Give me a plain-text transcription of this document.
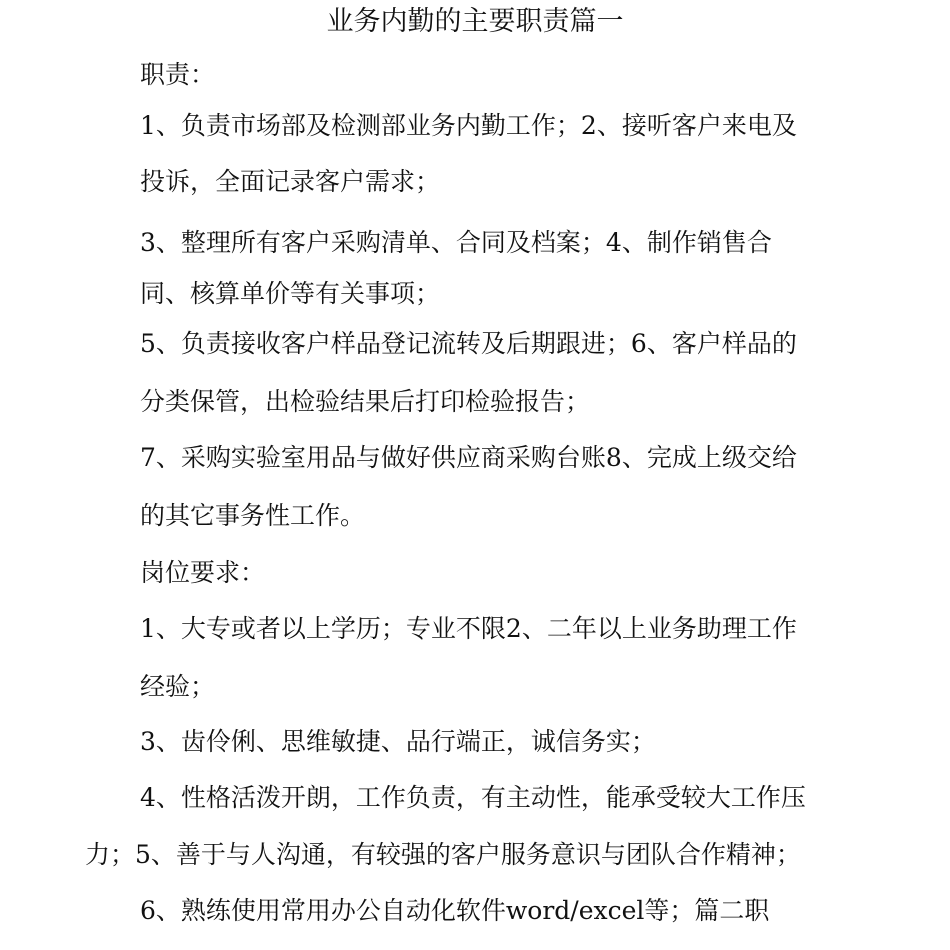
业务内勤的主要职责篇一

职责：

1、负责市场部及检测部业务内勤工作；2、接听客户来电及

投诉，全面记录客户需求；

3、整理所有客户采购清单、合同及档案；4、制作销售合

同、核算单价等有关事项；

5、负责接收客户样品登记流转及后期跟进；6、客户样品的

分类保管，出检验结果后打印检验报告；

7、采购实验室用品与做好供应商采购台账8、完成上级交给

的其它事务性工作。

岗位要求：

1、大专或者以上学历；专业不限2、二年以上业务助理工作

经验；

3、齿伶俐、思维敏捷、品行端正，诚信务实；

4、性格活泼开朗，工作负责，有主动性，能承受较大工作压

力；5、善于与人沟通，有较强的客户服务意识与团队合作精神；

6、熟练使用常用办公自动化软件word/excel等；篇二职
